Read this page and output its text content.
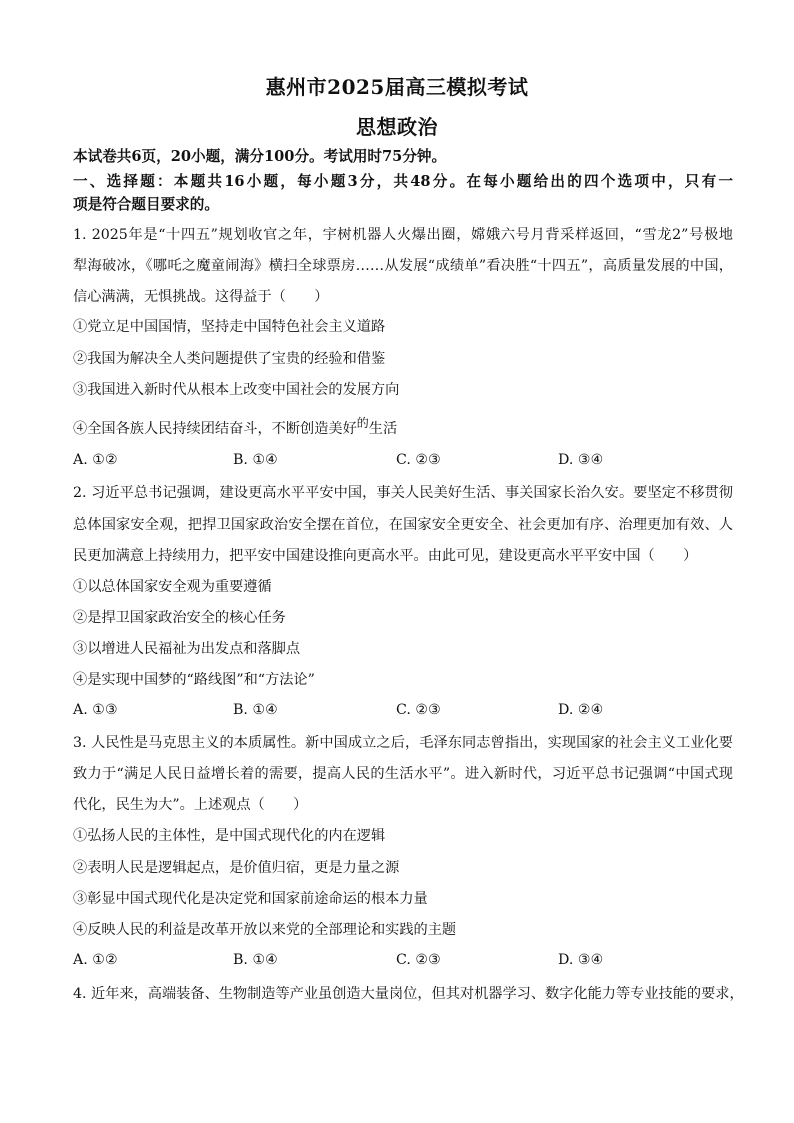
惠州市2025届高三模拟考试
思想政治
本试卷共6页，20小题，满分100分。考试用时75分钟。
一、选择题：本题共16小题，每小题3分，共48分。在每小题给出的四个选项中，只有一
项是符合题目要求的。
1. 2025年是“十四五”规划收官之年，宇树机器人火爆出圈，嫦娥六号月背采样返回，“雪龙2”号极地
犁海破冰，《哪吒之魔童闹海》横扫全球票房……从发展“成绩单”看决胜“十四五”，高质量发展的中国，
信心满满，无惧挑战。这得益于（　　）
①党立足中国国情，坚持走中国特色社会主义道路
②我国为解决全人类问题提供了宝贵的经验和借鉴
③我国进入新时代从根本上改变中国社会的发展方向
④全国各族人民持续团结奋斗，不断创造美好$^的$生活
A. ①②	B. ①④	C. ②③	D. ③④
2. 习近平总书记强调，建设更高水平平安中国，事关人民美好生活、事关国家长治久安。要坚定不移贯彻
总体国家安全观，把捍卫国家政治安全摆在首位，在国家安全更安全、社会更加有序、治理更加有效、人
民更加满意上持续用力，把平安中国建设推向更高水平。由此可见，建设更高水平平安中国（　　）
①以总体国家安全观为重要遵循
②是捍卫国家政治安全的核心任务
③以增进人民福祉为出发点和落脚点
④是实现中国梦的“路线图”和“方法论”
A. ①③	B. ①④	C. ②③	D. ②④
3. 人民性是马克思主义的本质属性。新中国成立之后，毛泽东同志曾指出，实现国家的社会主义工业化要
致力于“满足人民日益增长着的需要，提高人民的生活水平”。进入新时代，习近平总书记强调“中国式现
代化，民生为大”。上述观点（　　）
①弘扬人民的主体性，是中国式现代化的内在逻辑
②表明人民是逻辑起点，是价值归宿，更是力量之源
③彰显中国式现代化是决定党和国家前途命运的根本力量
④反映人民的利益是改革开放以来党的全部理论和实践的主题
A. ①②	B. ①④	C. ②③	D. ③④
4. 近年来，高端装备、生物制造等产业虽创造大量岗位，但其对机器学习、数字化能力等专业技能的要求，
